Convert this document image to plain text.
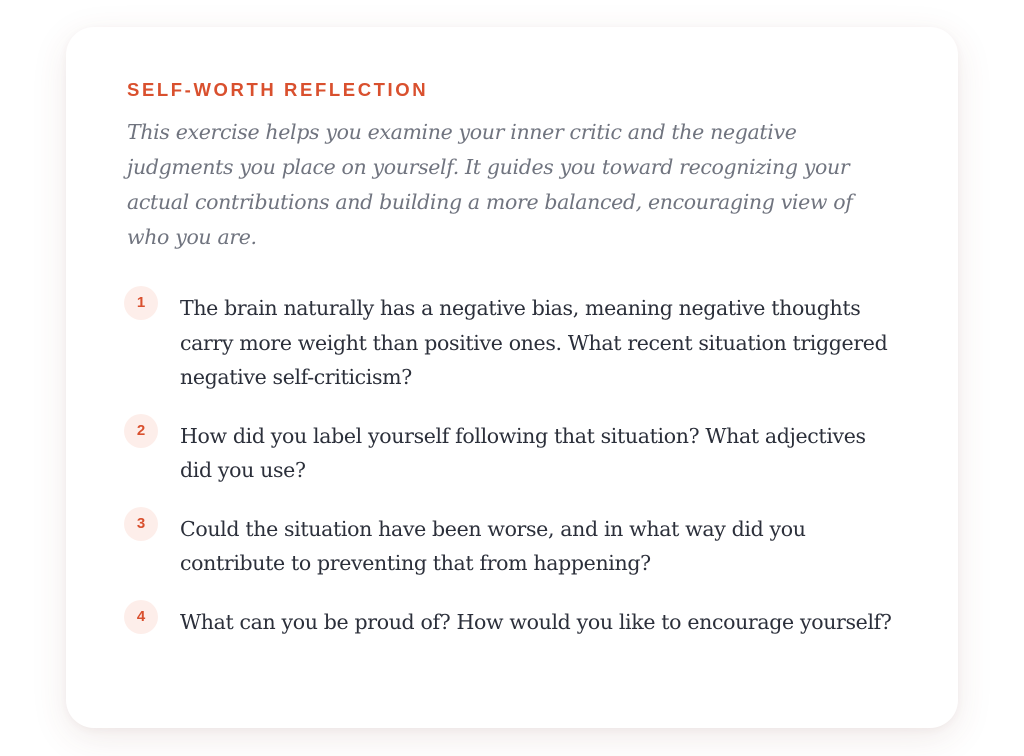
SELF-WORTH REFLECTION

This exercise helps you examine your inner critic and the negative judgments you place on yourself. It guides you toward recognizing your actual contributions and building a more balanced, encouraging view of who you are.

1	The brain naturally has a negative bias, meaning negative thoughts carry more weight than positive ones. What recent situation triggered negative self-criticism?
2	How did you label yourself following that situation? What adjectives did you use?
3	Could the situation have been worse, and in what way did you contribute to preventing that from happening?
4	What can you be proud of? How would you like to encourage yourself?
